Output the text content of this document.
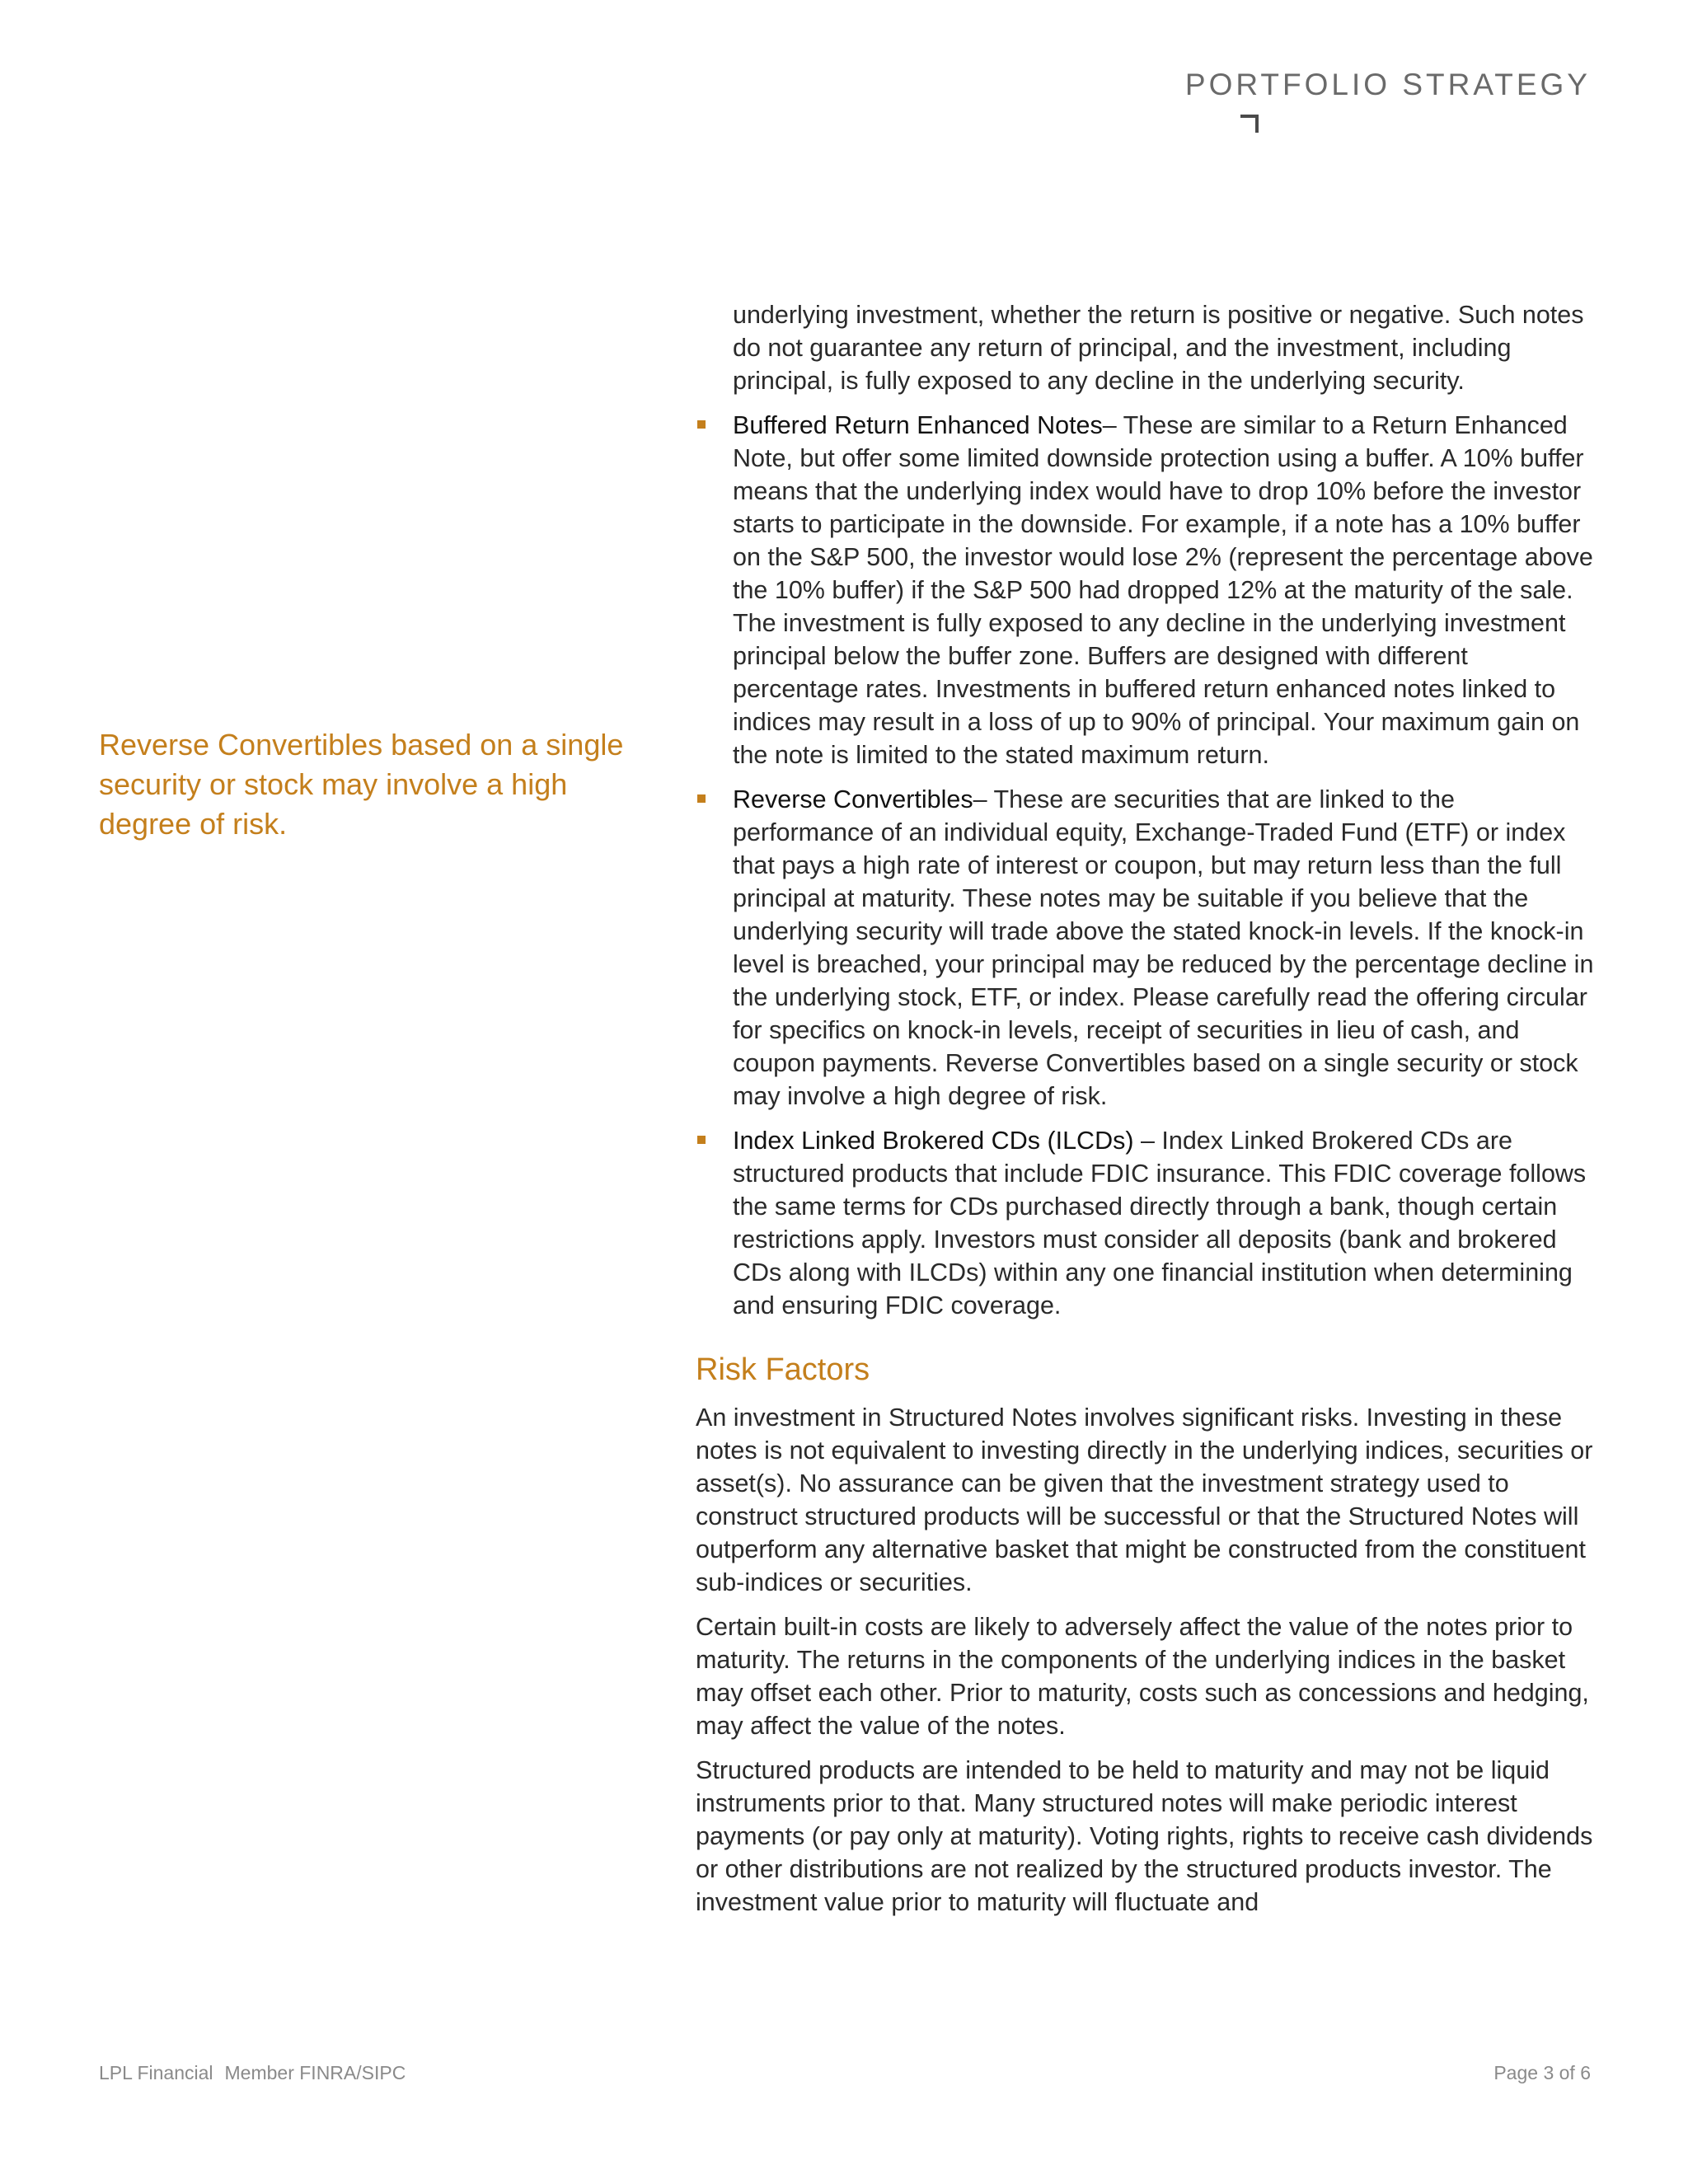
PORTFOLIO STRATEGY
Reverse Convertibles based on a single security or stock may involve a high degree of risk.

underlying investment, whether the return is positive or negative. Such notes do not guarantee any return of principal, and the investment, including principal, is fully exposed to any decline in the underlying security.

Buffered Return Enhanced Notes– These are similar to a Return Enhanced Note, but offer some limited downside protection using a buffer. A 10% buffer means that the underlying index would have to drop 10% before the investor starts to participate in the downside. For example, if a note has a 10% buffer on the S&P 500, the investor would lose 2% (represent the percentage above the 10% buffer) if the S&P 500 had dropped 12% at the maturity of the sale. The investment is fully exposed to any decline in the underlying investment principal below the buffer zone. Buffers are designed with different percentage rates. Investments in buffered return enhanced notes linked to indices may result in a loss of up to 90% of principal. Your maximum gain on the note is limited to the stated maximum return.
Reverse Convertibles– These are securities that are linked to the performance of an individual equity, Exchange-Traded Fund (ETF) or index that pays a high rate of interest or coupon, but may return less than the full principal at maturity. These notes may be suitable if you believe that the underlying security will trade above the stated knock-in levels. If the knock-in level is breached, your principal may be reduced by the percentage decline in the underlying stock, ETF, or index. Please carefully read the offering circular for specifics on knock-in levels, receipt of securities in lieu of cash, and coupon payments. Reverse Convertibles based on a single security or stock may involve a high degree of risk.
Index Linked Brokered CDs (ILCDs) – Index Linked Brokered CDs are structured products that include FDIC insurance. This FDIC coverage follows the same terms for CDs purchased directly through a bank, though certain restrictions apply. Investors must consider all deposits (bank and brokered CDs along with ILCDs) within any one financial institution when determining and ensuring FDIC coverage.
Risk Factors

An investment in Structured Notes involves significant risks. Investing in these notes is not equivalent to investing directly in the underlying indices, securities or asset(s). No assurance can be given that the investment strategy used to construct structured products will be successful or that the Structured Notes will outperform any alternative basket that might be constructed from the constituent sub-indices or securities.

Certain built-in costs are likely to adversely affect the value of the notes prior to maturity. The returns in the components of the underlying indices in the basket may offset each other. Prior to maturity, costs such as concessions and hedging, may affect the value of the notes.

Structured products are intended to be held to maturity and may not be liquid instruments prior to that. Many structured notes will make periodic interest payments (or pay only at maturity). Voting rights, rights to receive cash dividends or other distributions are not realized by the structured products investor. The investment value prior to maturity will fluctuate and

LPL Financial Member FINRA/SIPC	Page 3 of 6
